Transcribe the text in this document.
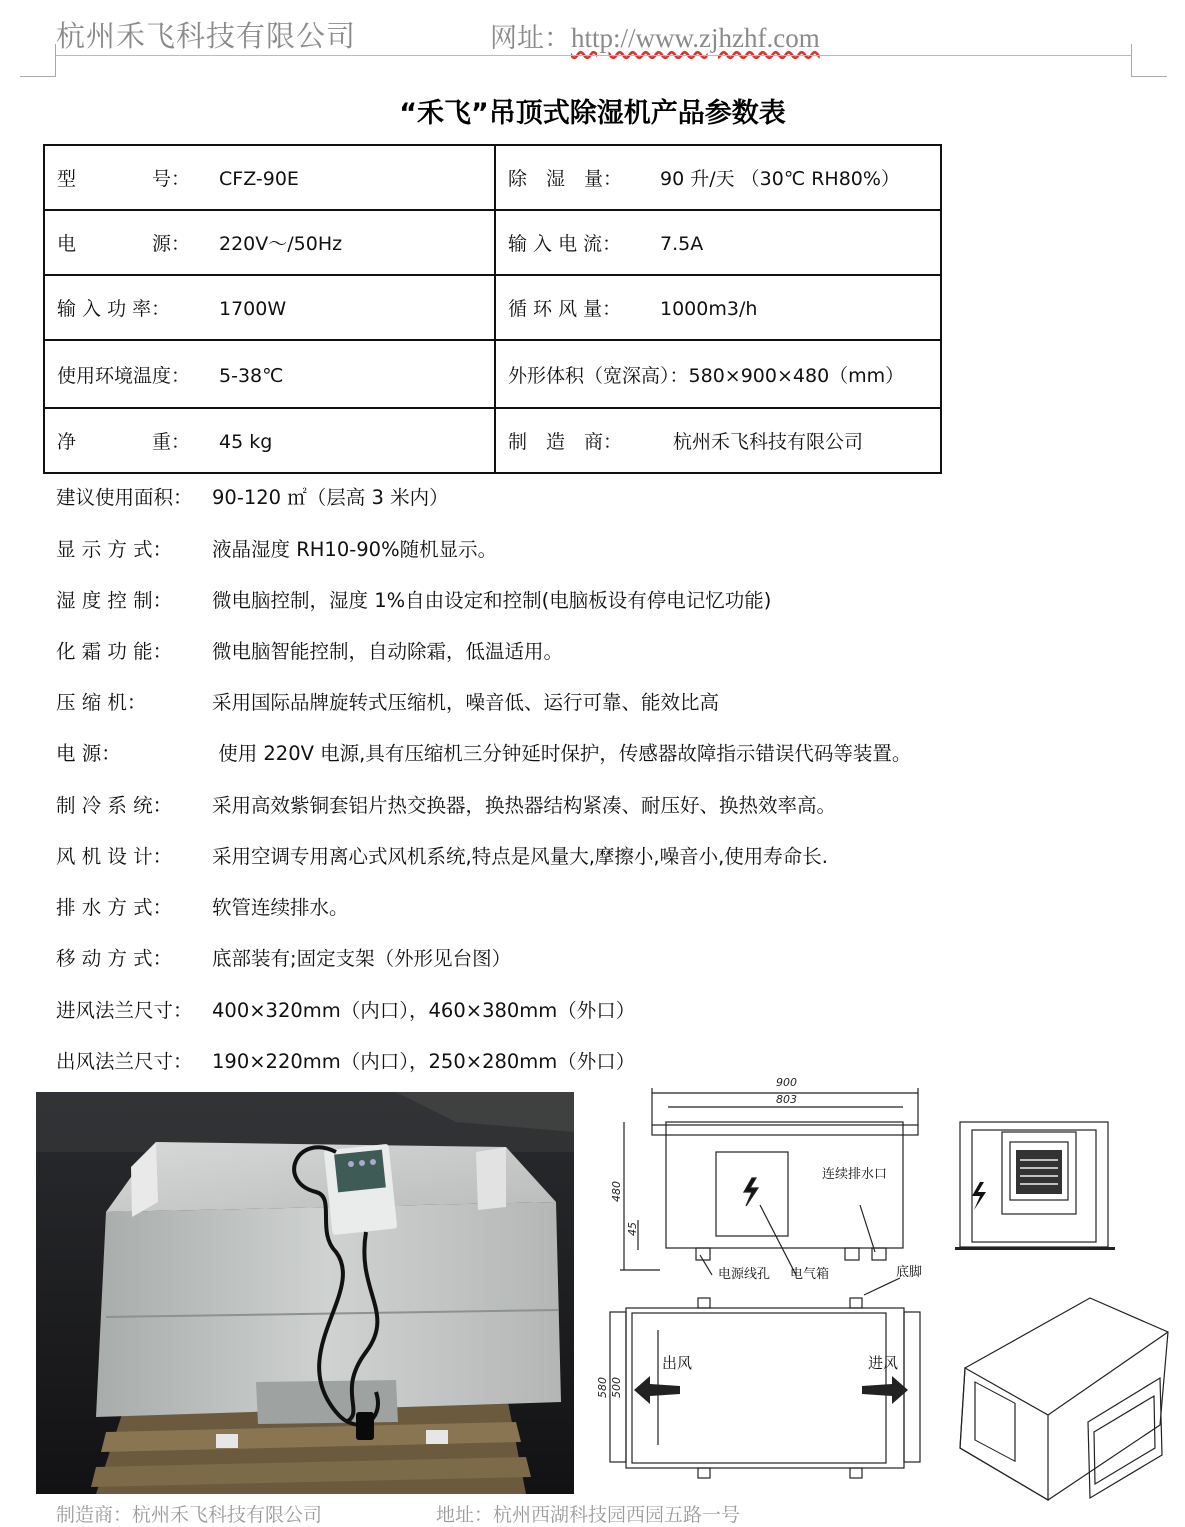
杭州禾飞科技有限公司	网址：http://www.zjhzhf.com
“禾飞”吊顶式除湿机产品参数表
型　　　　号： CFZ-90E	除　湿　量： 90 升/天 （30℃ RH80%）
电　　　　源： 220V～/50Hz	输 入 电 流： 7.5A
输 入 功 率： 1700W	循 环 风 量： 1000m3/h
使用环境温度： 5-38℃	外形体积（宽深高）：580×900×480（mm）
净　　　　重： 45 kg	制　造　商： 杭州禾飞科技有限公司
建议使用面积： 90-120 ㎡（层高 3 米内）
显 示 方 式： 液晶湿度 RH10-90%随机显示。
湿 度 控 制： 微电脑控制，湿度 1%自由设定和控制(电脑板设有停电记忆功能)
化 霜 功 能： 微电脑智能控制，自动除霜，低温适用。
压 缩 机：	采用国际品牌旋转式压缩机，噪音低、运行可靠、能效比高
电 源：	使用 220V 电源,具有压缩机三分钟延时保护，传感器故障指示错误代码等装置。
制 冷 系 统： 采用高效紫铜套铝片热交换器，换热器结构紧凑、耐压好、换热效率高。
风 机 设 计： 采用空调专用离心式风机系统,特点是风量大,摩擦小,噪音小,使用寿命长.
排 水 方 式： 软管连续排水。
移 动 方 式： 底部装有;固定支架（外形见台图）
进风法兰尺寸： 400×320mm（内口），460×380mm（外口）
出风法兰尺寸： 190×220mm（内口），250×280mm（外口）
900
803
480
45
580 500
连续排水口
电源线孔 电气箱	底脚
出风	进风
制造商：杭州禾飞科技有限公司　　　　　　地址：杭州西湖科技园西园五路一号
